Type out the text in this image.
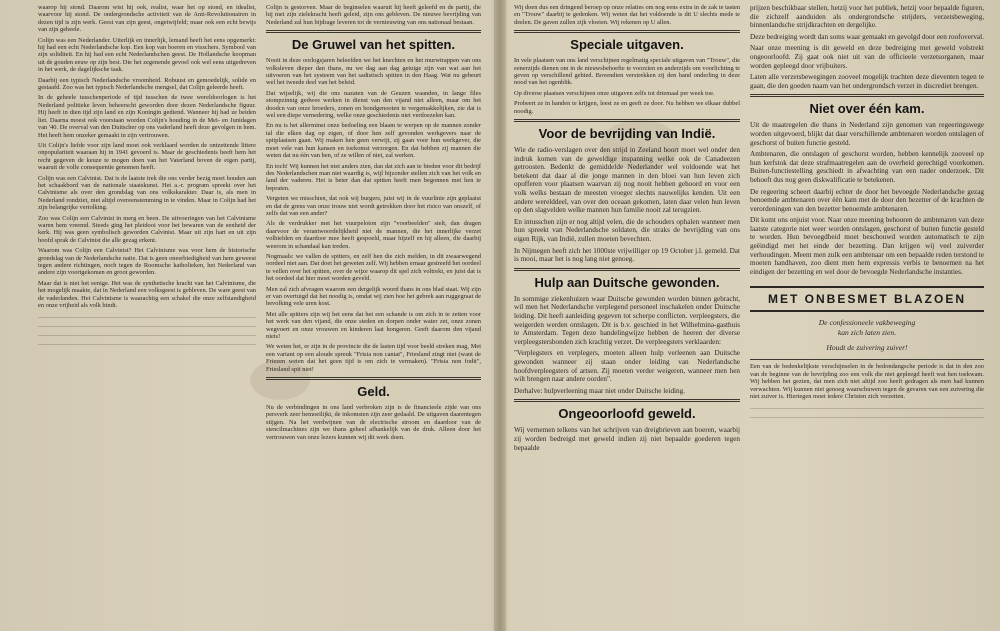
waarop hij stond. Daarom wist hij ook, realist, waar het op stond, en idealist, waarvoor hij stond. De ondergrondsche activiteit van de Anti-Revolutionairen in dezen tijd is zijn werk. Geest van zijn geest, ongetwijfeld; maar ook een echt bewijs van zijn geheele.

Colijn was een Nederlander. Uiterlijk en innerlijk, lemand heeft het eens opgemerkt: hij had een echt Nederlandsche kop. Een kop van boeren en visschers. Symbool van zijn soliditeit. En hij had een echt Nederlandschen geest. De Hollandsche koopman uit de gouden eeuw op zijn best. Die het zegenende gevoel ook wel eens uitgedreven in het werk, de dagelijksche taak.

Daarbij een typisch Nederlandsche vroomheid. Robuust en gemoedelijk, solide en gestaafd. Zoo was het typisch Nederlandsche mengsel, dat Colijn geleerde heeft.

In de geheele tusschenperiode of tijd tusschen de twee wereldoorlogen is het Nederland politieke leven beheerscht geworden door dezen Nederlandsche figuur. Hij heeft in dien tijd zijn land en zijn Koningin gediend. Wanneer hij had ze beiden liet. Daarna moest ook voorstaan worden Colijn's houding in de Mei- en Junidagen van '40. De overval van den Duitscher op ons vaderland heeft deze gevolgen in hem. Het heeft hem onzeker gemaakt in zijn vertrouwen.

Uit Colijn's liefde voor zijn land moet ook verklaard worden de ontzettende littere onpopulariteit waaraan hij in 1941 gevoerd is. Maar de geschiedenis heeft hem het recht gegeven de keuze te mogen doen van het Vaterland boven de eigen partij, waaruit de volle consequentie genomen heeft.

Colijn was een Calvinist. Dat is de laatste trek die ons verder bezig moet houden aan het schaakbord van de nationale staatskunst. Het a.-r. program spreekt over het Calvinisme als over den grondslag van ons volkskarakter. Daar is, als men in Nederland rondziet, niet altijd overeenstemming in te vinden. Maar in Colijn had het zijn belangrijke vertolking.

Zoo was Colijn een Calvinist in merg en been. De uitvoeringen van het Calvinisme waren hem vreemd. Steeds ging het pleidooi voor het bewaren van de eenheid der kerk. Hij was geen symbolisch geworden Calvinist. Maar uit zijn hart en uit zijn hoofd sprak de Calvinist die alle gezag erkent.

Waarom was Colijn een Calvinist? Het Calvinisme was voor hem de historische grondslag van de Nederlandsche natie. Dat is geen oneerbiedigheid van hem geweest tegen andere richtingen, noch tegen de Roomsche katholieken, het Nederland van andere zijn voortgekomen en groot geworden.

Maar dat is niet het eenige. Het was de synthetische kracht van het Calvinisme, die het mogelijk maakte, dat in Nederland een volksgeest is gebleven. De ware geest van de vaderlanden. Het Calvinisme is waarachtig een schakel die onze zelfstandigheid en onze vrijheid als volk bindt.

Colijn is gestorven. Maar de beginselen waaruit hij heeft geleefd en de partij, die hij met zijn zielekracht heeft geleid, zijn ons gebleven. De nieuwe bevrijding van Nederland zal hun bijdrage leveren tot de vernieuwing van ons nationaal bestaan.

De Gruwel van het spitten.

Nooit in deze oorlogsjaren beleefden we het knechten en het murwtrappen van ons volksleven dieper dan thans, nu we dag aan dag getuige zijn van wat aan het uitvoeren van het systeem van het sadistisch spitten in den Haag. Wat nu gebeurt wel het tweede deel van het beleid.

Dat wijselijk, wij die ons nazaten van de Geuzen waanden, in lange files stompzinnig gedwee werken in dienst van den vijand niet alleen, maar om het doodcn van onze broeders, zonen en bondgenooten te vergemakkelijken, zie dat is wel een diepe vernedering, welke onze geschiedenis niet verdoezelen kan.

En nu is het allerminst onze bedoeling een blaam te werpen op de mannen zonder tal die elken dag op eigen, of door hen zelf gevonden werkgevers naar de spitplaatsen gaan. Wij maken hen geen verwijt, zij gaan voor hun werkgever, die moet vele van hun kansen en toekomst verzorgen. En dat hebben zij mannen die weten dat nu één van hen, of ze willen of niet, zal werken.

En toch! Wij kunnen het niet anders zien, dan dat zich aan te bieden voor dit bedrijf des Nederlandschen man niet waardig is, wijl bijzonder stellen zich van het volk en land der vaderen. Het is beter dan dat spitten heeft men begonnen met hen te bepraten.

Vergeten we misschien, dat ook wij burgers, juist wij in de vuurlinie zijn geplaatst en dat de grens van onze trouw niet wordt getrokken door het risico van onszelf, of zelfs dat van een ander?

Als de verdrukker met het vuurpeloton zijn "voorbeelden" stelt, dan dragen daarvoor de verantwoordelijkheid niet de mannen, die het innerlijke verzet volhielden en daardoor mee heeft gespoeld, maar hijzelf en hij alleen, die daarbij weerom in schandaal kan treden.

Nogmaals: we vallen de spitters, en zelf hen die zich melden, in dit zwaarwegend oordeel niet aan. Dat doet het geweten zelf. Wij hebben ernaar gestreefd het oordeel te vellen over het spitten, over de wijze waarop dit spel zich voltrekt, en juist dat is het oordeel dat hier moet worden geveld.

Men zal zich afvragen waarom een dergelijk woord thans in ons blad staat. Wij zijn er van overtuigd dat het noodig is, omdat wij zien hoe het gebrek aan ruggegraat de bevolking vele uren kost.

Met alle spitters zijn wij het eens dat het een schande is om zich in te zetten voor het werk van den vijand, die onze steden en dorpen onder water zet, onze zonen wegvoert en onze vrouwen en kinderen laat hongeren. Geeft daarom den vijand niets!

We weten het, er zijn in de provincie die de lasten tijd voor beeld streken mag, Met een variant op een aloude spreuk "Frisia non cantat", Friesland zingt niet (want de Friezen weten dat het geen tijd is om zich te vermaken). "Frisia non fodit", Friesland spit niet!

Geld.

Nu de verbindingen in ons land verbroken zijn is de financieele zijde van ons persverk zeer bemoeilijkt, de inkomsten zijn zeer gedaald. De uitgaven daarentegen stijgen. Na het verdwijnen van de electrische stroom en daardoor van de stencilmachines zijn we thans geheel afhankelijk van de druk. Alleen door het vertrouwen van onze lezers kunnen wij dit werk doen.

Wij doen dus een dringend beroep op onze relaties om nog eens extra in de zak te tasten en "Trouw" daarbij te gedenken. Wij weten dat het voldoende is dit U slechts mede te deelen. De gaven zullen zijk vloeien. Wij rekenen op U allen.

Speciale uitgaven.

In vele plaatsen van ons land verschijnen regelmatig speciale uitgaven van "Trouw", die eenerzijds dienen om in de nieuwsbehoefte te voorzien en anderzijds om voorlichting te geven op verschillend gebied. Bovendien verstrekken zij den band onderling in deze nood van het ogenblik.

Op diverse plaatsen verschijnen onze uitgaven zelfs tot driemaal per week toe.

Probeert ze in handen te krijgen, leest ze en geeft ze door. Nu hebben we elkaar dubbel noodig.

Voor de bevrijding van Indië.

Wie de radio-verslagen over den strijd in Zeeland hoort moet wel onder den indruk komen van de geweldige inspanning welke ook de Canadeezen getroosten. Bedenkt de gemiddelde Nederlander wel voldoende wat het betekent dat daar al die jonge mannen in den bloei van hun leven zich opofferen voor plaatsen waarvan zij nog nooit hebben gehoord en voor een volk welks bestaan de meesten vroeger slechts nauwelijks kenden. Uit een andere werelddeel, van over den oceaan gekomen, laten daar velen hun leven op den slagvelden welke mannen hun familie nooit zal terugzien.

En intusschen zijn er nog altijd velen, die de schouders ophalen wanneer men hun spreekt van Nederlandsche soldaten, die straks de bevrijding van ons eigen Rijk, van Indië, zullen moeten bevechten.

In Nijmegen heeft zich het 1000ste vrijwilliger op 19 October j.l. gemeld. Dat is mooi, maar het is nog lang niet genoeg.

Hulp aan Duitsche gewonden.

In sommige ziekenhuizen waar Duitsche gewonden worden binnen gebracht, wil men het Nederlandsche verplegend personeel inschakelen onder Duitsche leiding. Dit heeft aanleiding gegeven tot scherpe conflicten. verpleegsters, die weigerden werden ontslagen. Dit is b.v. geschied in het Wilhelmina-gasthuis te Amsterdam. Tegen deze handelingwijze hebben de heeren der diverse verpleegstersbonden zich krachtig verzet. De verpleegsters verklaarden:

"Verplegsters en verplegers, moeten alleen hulp verleenen aan Duitsche gewonden wanneer zij staan onder leiding van Nederlandsche hoofdverpleegsters of artsen. Zij moeten verder weigeren, wanneer men hen wilt brengen naar andere oorden".

Derhalve: hulpverleening maar niet onder Duitsche leiding.

Ongeoorloofd geweld.

Wij vernemen telkens van het schrijven van dreigbrieven aan boeren, waarbij zij worden bedreigd met geweld indien zij niet bepaalde goederen tegen bepaalde

prijzen beschikbaar stellen, hetzij voor het publiek, hetzij voor bepaalde figuren, die zichzelf aanduiden als ondergrondsche strijders, verzetsbeweging, binnenlandsche strijdkrachten en dergelijke.

Deze bedreiging wordt dan soms waar gemaakt en gevolgd door een roofoverval.

Naar onze meening is dit geweld en deze bedreiging met geweld volstrekt ongeoorloofd. Zij gaat ook niet uit van de officieele verzetsorganen, maar worden gepleegd door vrijbuiters.

Laten alle verzetsbewegingen zooveel mogelijk trachten deze dieventen tegen te gaan, die den goeden naam van het ondergrondsch verzet in discrediet brengen.

Niet over één kam.

Uit de maatregelen die thans in Nederland zijn genomen van regeeringswege worden uitgevoerd, blijkt dat daar verschillende ambtenaren worden ontslagen of geschorst of buiten functie gesteld.

Ambtenaren, die ontslagen of geschorst worden, hebben kennelijk zooveel op hun kerfstok dat deze strafmaatregelen aan de overheid gerechtigd voorkomen. Buiten-functiestelling geschiedt in afwachting van een nader onderzoek. Dit behoeft dus nog geen diskwalificatie te betekenen.

De regeering scheert daarbij echter de door het bevoegde Nederlandsche gezag benoemde ambtenaren over één kam met de door den bezetter of de krachten de verordeningen van den bezetter benoemde ambtenaren.

Dit komt ons onjuist voor. Naar onze meening behooren de ambtenaren van deze laatste categorie niet weer worden ontslagen, geschorst of buiten functie gesteld te worden. Hun bevoegdheid moet beschouwd worden automatisch te zijn geëindigd met het einde der bezetting. Dan krijgen wij veel zuiverder verhoudingen. Meent men zulk een ambtenaar om een bepaalde reden terstond te moeten handhaven, zoo dient men hem expressis verbis te benoemen na het eindigen der bezetting en wel door de bevoegde Nederlandsche instanties.

MET ONBESMET BLAZOEN
De confessioneele vakbeweging
kan zich laten zien.
Houdt de zuivering zuiver!

Een van de bedenkelijkste verschijnselen in de bedondangsche periode is dat in den zoo van de beginne van de bevrijding zoo een volk die niet gepleegd heeft wat hen toekwam. Wij hebben het gezien, dat men zich niet altijd zoo heeft gedragen als men had kunnen verwachten. Wij kunnen niet genoeg waarschuwen tegen de gevaren van een zuivering die niet zuiver is. Hiertegen moet iedere Christen zich verzetten.
